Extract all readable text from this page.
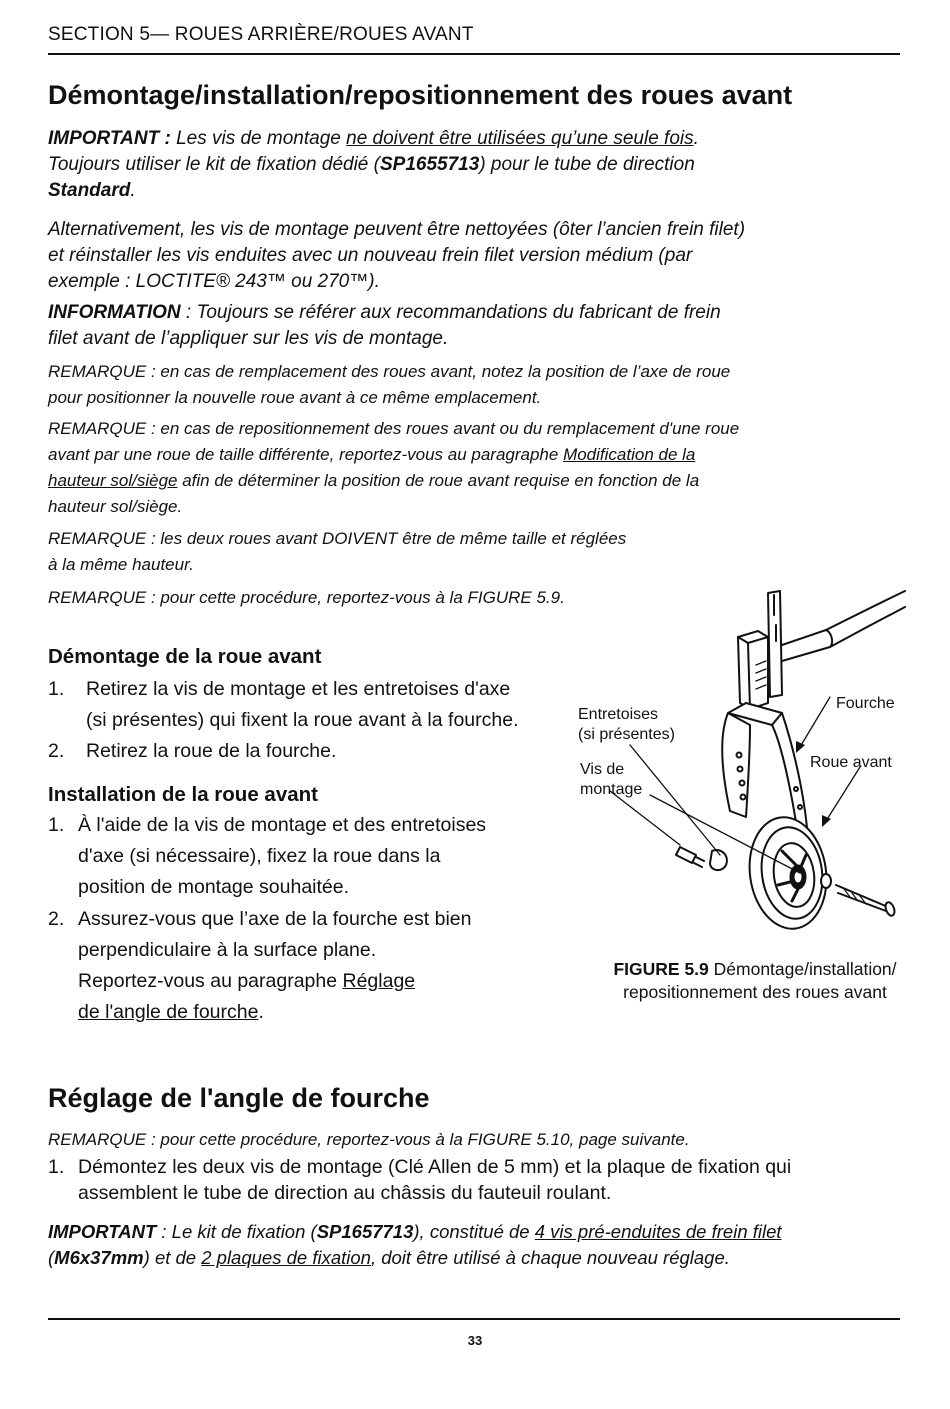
SECTION 5— ROUES ARRIÈRE/ROUES AVANT
Démontage/installation/repositionnement des roues avant
IMPORTANT : Les vis de montage ne doivent être utilisées qu’une seule fois.
Toujours utiliser le kit de fixation dédié (SP1655713) pour le tube de direction
Standard.
Alternativement, les vis de montage peuvent être nettoyées (ôter l’ancien frein filet)
et réinstaller les vis enduites avec un nouveau frein filet version médium (par
exemple : LOCTITE® 243™ ou 270™).
INFORMATION : Toujours se référer aux recommandations du fabricant de frein
filet avant de l’appliquer sur les vis de montage.
REMARQUE : en cas de remplacement des roues avant, notez la position de l’axe de roue
pour positionner la nouvelle roue avant à ce même emplacement.
REMARQUE : en cas de repositionnement des roues avant ou du remplacement d'une roue
avant par une roue de taille différente, reportez-vous au paragraphe Modification de la
hauteur sol/siège afin de déterminer la position de roue avant requise en fonction de la
hauteur sol/siège.
REMARQUE : les deux roues avant DOIVENT être de même taille et réglées
à la même hauteur.
REMARQUE : pour cette procédure, reportez-vous à la FIGURE 5.9.
Démontage de la roue avant
1. Retirez la vis de montage et les entretoises d'axe
(si présentes) qui fixent la roue avant à la fourche.
2. Retirez la roue de la fourche.
Installation de la roue avant
1. À l'aide de la vis de montage et des entretoises
d'axe (si nécessaire), fixez la roue dans la
position de montage souhaitée.
2. Assurez-vous que l’axe de la fourche est bien
perpendiculaire à la surface plane.
Reportez-vous au paragraphe Réglage
de l'angle de fourche.
Entretoises
(si présentes)
Vis de
montage
Fourche
Roue avant
FIGURE 5.9 Démontage/installation/
repositionnement des roues avant
Réglage de l'angle de fourche
REMARQUE : pour cette procédure, reportez-vous à la FIGURE 5.10, page suivante.
1. Démontez les deux vis de montage (Clé Allen de 5 mm) et la plaque de fixation qui
assemblent le tube de direction au châssis du fauteuil roulant.
IMPORTANT : Le kit de fixation (SP1657713), constitué de 4 vis pré-enduites de frein filet
(M6x37mm) et de 2 plaques de fixation, doit être utilisé à chaque nouveau réglage.
33
